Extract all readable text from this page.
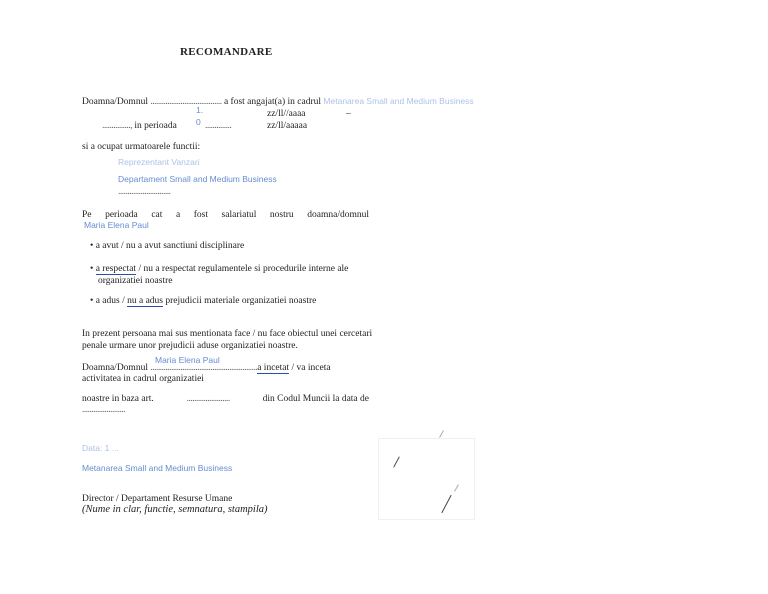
RECOMANDARE
Doamna/Domnul ...................................... a fost angajat(a) in cadrul Metanarea Small and Medium Business
1.	zz/ll//aaaa	–
..............., in perioada 0 ..............	zz/ll/aaaaa
si a ocupat urmatoarele functii:
Reprezentant Vanzari
Departament Small and Medium Business
............................
Pe perioada cat a fost salariatul nostru doamna/domnul
Maria Elena Paul
• a avut / nu a avut sanctiuni disciplinare
• a respectat / nu a respectat regulamentele si procedurile interne ale
organizatiei noastre
• a adus / nu a adus prejudicii materiale organizatiei noastre
In prezent persoana mai sus mentionata face / nu face obiectul unei cercetari
penale urmare unor prejudicii aduse organizatiei noastre.
Maria Elena Paul
Doamna/Domnul .........................................................a incetat / va inceta
activitatea in cadrul organizatiei
noastre in baza art.	.......................	din Codul Muncii la data de
.......................
Data: 1 ...
Metanarea Small and Medium Business
Director / Departament Resurse Umane
(Nume in clar, functie, semnatura, stampila)
